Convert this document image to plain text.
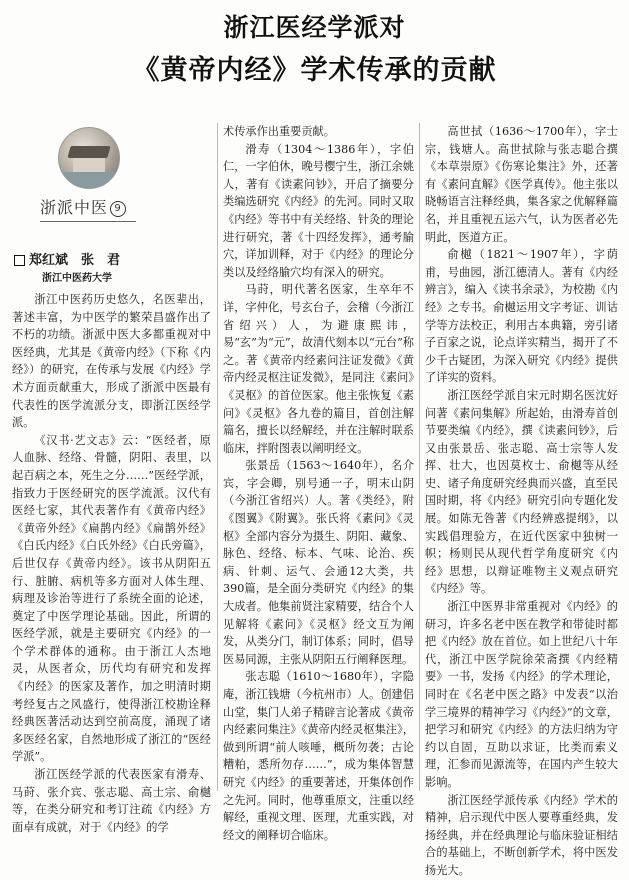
浙江医经学派对
《黄帝内经》学术传承的贡献
浙派中医 9
郑红斌　张　君
浙江中医药大学

浙江中医药历史悠久，名医辈出，著述丰富，为中医学的繁荣昌盛作出了不朽的功绩。浙派中医大多都重视对中医经典，尤其是《黄帝内经》（下称《内经》）的研究，在传承与发展《内经》学术方面贡献重大，形成了浙派中医最有代表性的医学流派分支，即浙江医经学派。

《汉书·艺文志》云：“医经者，原人血脉、经络、骨髓，阴阳、表里，以起百病之本，死生之分……”医经学派，指致力于医经研究的医学流派。汉代有医经七家，其代表著作有《黄帝内经》《黄帝外经》《扁鹊内经》《扁鹊外经》《白氏内经》《白氏外经》《白氏旁篇》，后世仅存《黄帝内经》。该书从阴阳五行、脏腑、病机等多方面对人体生理、病理及诊治等进行了系统全面的论述，奠定了中医学理论基础。因此，所谓的医经学派，就是主要研究《内经》的一个学术群体的通称。由于浙江人杰地灵，从医者众，历代均有研究和发挥《内经》的医家及著作，加之明清时期考经复古之风盛行，使得浙江校勘诠释经典医著活动达到空前高度，涌现了诸多医经名家，自然地形成了浙江的“医经学派”。

浙江医经学派的代表医家有滑寿、马莳、张介宾、张志聪、高士宗、俞樾等，在类分研究和考订注疏《内经》方面卓有成就，对于《内经》的学

术传承作出重要贡献。

滑寿（1304～1386年），字伯仁，一字伯休，晚号樱宁生，浙江余姚人，著有《读素问钞》，开启了摘要分类编选研究《内经》的先河。同时又取《内经》等书中有关经络、针灸的理论进行研究，著《十四经发挥》，通考腧穴，详加训释，对于《内经》的理论分类以及经络腧穴均有深入的研究。

马莳，明代著名医家，生卒年不详，字仲化，号玄台子，会稽（今浙江省绍兴）人，为避康熙讳，易“玄”为“元”，故清代刻本以“元台”称之。著《黄帝内经素问注证发微》《黄帝内经灵枢注证发微》，是同注《素问》《灵枢》的首位医家。他主张恢复《素问》《灵枢》各九卷的篇目，首创注解篇名，擅长以经解经，并在注解时联系临床，拌附图表以阐明经文。

张景岳（1563～1640年），名介宾，字会卿，别号通一子，明末山阴（今浙江省绍兴）人。著《类经》，附《图翼》《附翼》。张氏将《素问》《灵枢》全部内容分为摄生、阴阳、藏象、脉色、经络、标本、气味、论治、疾病、针刺、运气、会通12大类，共390篇，是全面分类研究《内经》的集大成者。他集前贤注家精要，结合个人见解将《素问》《灵枢》经文互为阐发，从类分门，制订体系；同时，倡导医易同源，主张从阴阳五行阐释医理。

张志聪（1610～1680年），字隐庵，浙江钱塘（今杭州市）人。创建侣山堂，集门人弟子精辟言论著成《黄帝内经素问集注》《黄帝内经灵枢集注》，做到所谓“前人咳唾，概所勿袭；古论糟粕，悉所勿存……”，成为集体智慧研究《内经》的重要著述，开集体创作之先河。同时，他尊重原文，注重以经解经，重视文理、医理，尤重实践，对经文的阐释切合临床。

高世拭（1636～1700年），字士宗，钱塘人。高世拭除与张志聪合撰《本草崇原》《伤寒论集注》外，还著有《素问直解》《医学真传》。他主张以晓畅语言注释经典，集各家之优解释篇名，并且重视五运六气，认为医者必先明此，医道方正。

俞樾（1821～1907年），字荫甫，号曲园，浙江德清人。著有《内经辨言》，编入《读书余录》，为校勘《内经》之专书。俞樾运用文字考证、训诂学等方法校正，利用古本典籍，旁引诸子百家之说，论点详实精当，揭开了不少千古疑团，为深入研究《内经》提供了详实的资料。

浙江医经学派自宋元时期名医沈好问著《素问集解》所起始，由滑寿首创节要类编《内经》，撰《读素问钞》，后又由张景岳、张志聪、高士宗等人发挥、壮大，也因莫枚士、俞樾等从经史、诸子角度研究经典而兴盛，直至民国时期，将《内经》研究引向专题化发展。如陈无咎著《内经辨惑提纲》，以实践倡理验方，在近代医家中独树一帜；杨则民从现代哲学角度研究《内经》思想，以辩证唯物主义观点研究《内经》等。

浙江中医界非常重视对《内经》的研习，许多名老中医在教学和带徒时都把《内经》放在首位。如上世纪八十年代，浙江中医学院徐荣斋撰《内经精要》一书，发扬《内经》的学术理论，同时在《名老中医之路》中发表“以治学三境界的精神学习《内经》”的文章，把学习和研究《内经》的方法归纳为守约以自固，互助以求证，比类而索义理，汇参而见源流等，在国内产生较大影响。

浙江医经学派传承《内经》学术的精神，启示现代中医人要尊重经典，发扬经典，并在经典理论与临床验证相结合的基础上，不断创新学术，将中医发扬光大。
